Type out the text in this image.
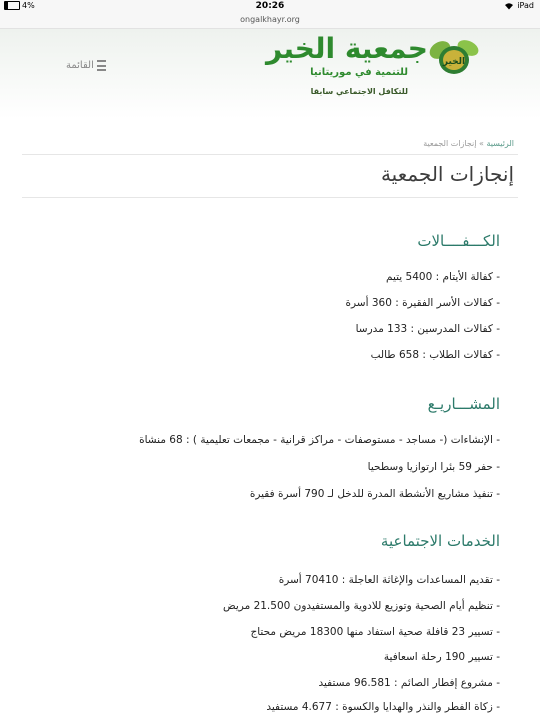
4%	20:26	iPad
ongalkhayr.org
القائمة
جمعية الخير
للتنمية في موريتانيا
للتكافل الاجتماعي سابقا
الخير
الرئيسية » إنجازات الجمعية
إنجازات الجمعية
الكـــفــــالات
- كفالة الأيتام : 5400 يتيم
- كفالات الأسر الفقيرة : 360 أسرة
- كفالات المدرسين : 133 مدرسا
- كفالات الطلاب : 658 طالب
المشـــاريـع
- الإنشاءات (- مساجد - مستوصفات - مراكز قرانية - مجمعات تعليمية ) : 68 منشاة
- حفر 59 بئرا ارتوازيا وسطحيا
- تنفيذ مشاريع الأنشطة المدرة للدخل لـ 790 أسرة فقيرة
الخدمات الاجتماعية
- تقديم المساعدات والإغاثة العاجلة : 70410 أسرة
- تنظيم أيام الصحية وتوزيع للادوية والمستفيدون 21.500 مريض
- تسيير 23 قافلة صحية استفاد منها 18300 مريض محتاج
- تسيير 190 رحلة اسعافية
- مشروع إفطار الصائم : 96.581 مستفيد
- زكاة الفطر والنذر والهدايا والكسوة : 4.677 مستفيد
